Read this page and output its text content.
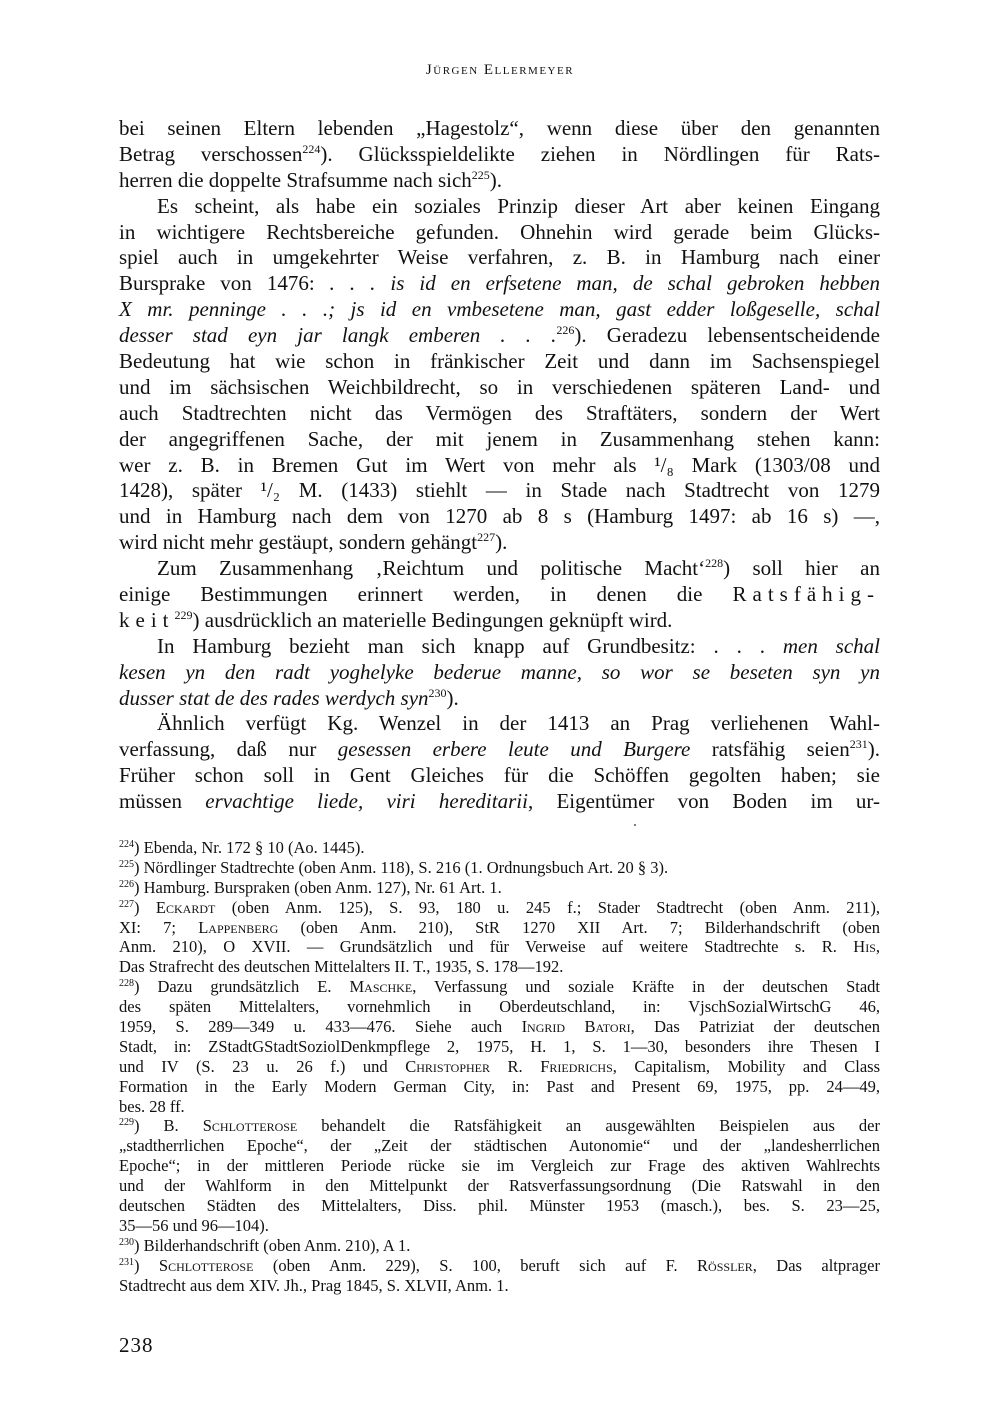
Jürgen Ellermeyer
bei seinen Eltern lebenden „Hagestolz“, wenn diese über den genannten
Betrag verschossen$^{224}$). Glücksspieldelikte ziehen in Nördlingen für Rats-
herren die doppelte Strafsumme nach sich$^{225}$).
Es scheint, als habe ein soziales Prinzip dieser Art aber keinen Eingang
in wichtigere Rechtsbereiche gefunden. Ohnehin wird gerade beim Glücks-
spiel auch in umgekehrter Weise verfahren, z. B. in Hamburg nach einer
Bursprake von 1476: . . . is id en erfsetene man, de schal gebroken hebben
X mr. penninge . . .; js id en vmbesetene man, gast edder loßgeselle, schal
desser stad eyn jar langk emberen . . .$^{226}$). Geradezu lebensentscheidende
Bedeutung hat wie schon in fränkischer Zeit und dann im Sachsenspiegel
und im sächsischen Weichbildrecht, so in verschiedenen späteren Land- und
auch Stadtrechten nicht das Vermögen des Straftäters, sondern der Wert
der angegriffenen Sache, der mit jenem in Zusammenhang stehen kann:
wer z. B. in Bremen Gut im Wert von mehr als ¹/₈ Mark (1303/08 und
1428), später ¹/₂ M. (1433) stiehlt — in Stade nach Stadtrecht von 1279
und in Hamburg nach dem von 1270 ab 8 s (Hamburg 1497: ab 16 s) —,
wird nicht mehr gestäupt, sondern gehängt$^{227}$).
Zum Zusammenhang ‚Reichtum und politische Macht‘$^{228}$) soll hier an
einige Bestimmungen erinnert werden, in denen die Ratsfähig-
keit$^{229}$) ausdrücklich an materielle Bedingungen geknüpft wird.
In Hamburg bezieht man sich knapp auf Grundbesitz: . . . men schal
kesen yn den radt yoghelyke bederue manne, so wor se beseten syn yn
dusser stat de des rades werdych syn$^{230}$).
Ähnlich verfügt Kg. Wenzel in der 1413 an Prag verliehenen Wahl-
verfassung, daß nur gesessen erbere leute und Burgere ratsfähig seien$^{231}$).
Früher schon soll in Gent Gleiches für die Schöffen gegolten haben; sie
müssen ervachtige liede, viri hereditarii, Eigentümer von Boden im ur-
$^{224}$) Ebenda, Nr. 172 § 10 (Ao. 1445).
$^{225}$) Nördlinger Stadtrechte (oben Anm. 118), S. 216 (1. Ordnungsbuch Art. 20 § 3).
$^{226}$) Hamburg. Burspraken (oben Anm. 127), Nr. 61 Art. 1.
$^{227}$) Eckardt (oben Anm. 125), S. 93, 180 u. 245 f.; Stader Stadtrecht (oben Anm. 211),
XI: 7; Lappenberg (oben Anm. 210), StR 1270 XII Art. 7; Bilderhandschrift (oben
Anm. 210), O XVII. — Grundsätzlich und für Verweise auf weitere Stadtrechte s. R. His,
Das Strafrecht des deutschen Mittelalters II. T., 1935, S. 178—192.
$^{228}$) Dazu grundsätzlich E. Maschke, Verfassung und soziale Kräfte in der deutschen Stadt
des späten Mittelalters, vornehmlich in Oberdeutschland, in: VjschSozialWirtschG 46,
1959, S. 289—349 u. 433—476. Siehe auch Ingrid Batori, Das Patriziat der deutschen
Stadt, in: ZStadtGStadtSoziolDenkmpflege 2, 1975, H. 1, S. 1—30, besonders ihre Thesen I
und IV (S. 23 u. 26 f.) und Christopher R. Friedrichs, Capitalism, Mobility and Class
Formation in the Early Modern German City, in: Past and Present 69, 1975, pp. 24—49,
bes. 28 ff.
$^{229}$) B. Schlotterose behandelt die Ratsfähigkeit an ausgewählten Beispielen aus der
„stadtherrlichen Epoche“, der „Zeit der städtischen Autonomie“ und der „landesherrlichen
Epoche“; in der mittleren Periode rücke sie im Vergleich zur Frage des aktiven Wahlrechts
und der Wahlform in den Mittelpunkt der Ratsverfassungsordnung (Die Ratswahl in den
deutschen Städten des Mittelalters, Diss. phil. Münster 1953 (masch.), bes. S. 23—25,
35—56 und 96—104).
$^{230}$) Bilderhandschrift (oben Anm. 210), A 1.
$^{231}$) Schlotterose (oben Anm. 229), S. 100, beruft sich auf F. Rössler, Das altprager
Stadtrecht aus dem XIV. Jh., Prag 1845, S. XLVII, Anm. 1.
238
